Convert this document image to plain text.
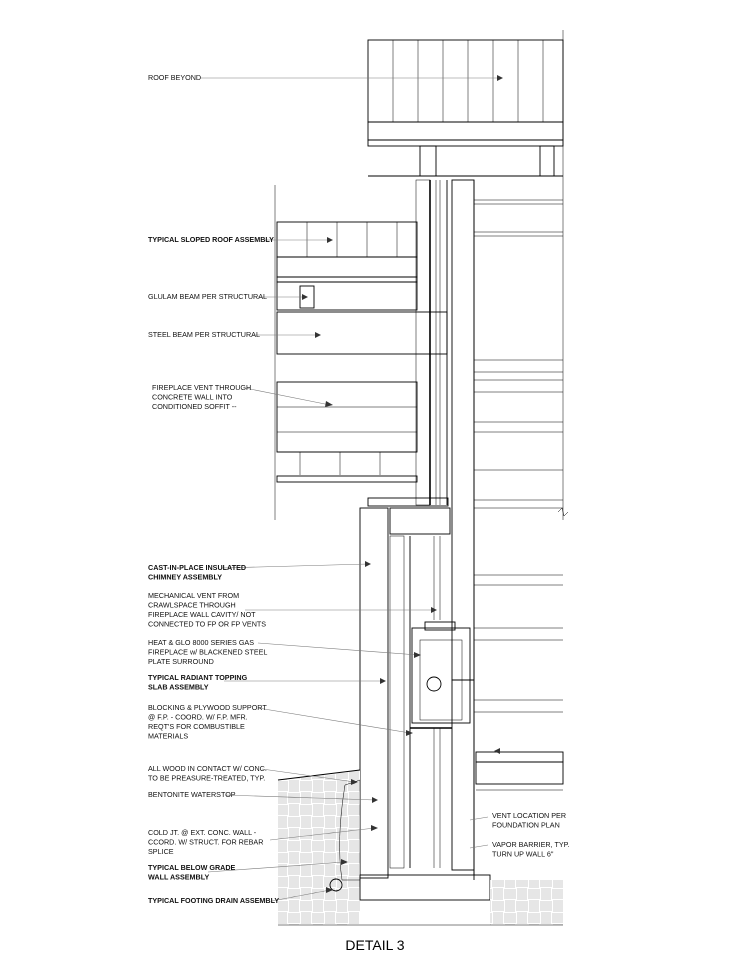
ROOF BEYOND
TYPICAL SLOPED ROOF ASSEMBLY
GLULAM BEAM PER STRUCTURAL
STEEL BEAM PER STRUCTURAL
FIREPLACE VENT THROUGH CONCRETE WALL INTO CONDITIONED SOFFIT --
CAST-IN-PLACE INSULATED CHIMNEY ASSEMBLY
MECHANICAL VENT FROM CRAWLSPACE THROUGH FIREPLACE WALL CAVITY/ NOT CONNECTED TO FP OR FP VENTS
HEAT & GLO 8000 SERIES GAS FIREPLACE w/ BLACKENED STEEL PLATE SURROUND
TYPICAL RADIANT TOPPING SLAB ASSEMBLY
BLOCKING & PLYWOOD SUPPORT @ F.P. - COORD. W/ F.P. MFR. REQT'S FOR COMBUSTIBLE MATERIALS
ALL WOOD IN CONTACT W/ CONC. TO BE PREASURE-TREATED, TYP.
BENTONITE WATERSTOP
COLD JT. @ EXT. CONC. WALL - CCORD. W/ STRUCT. FOR REBAR SPLICE
TYPICAL BELOW GRADE WALL ASSEMBLY
TYPICAL FOOTING DRAIN ASSEMBLY
VENT LOCATION PER FOUNDATION PLAN
VAPOR BARRIER, TYP. TURN UP WALL 6"
DETAIL 3
